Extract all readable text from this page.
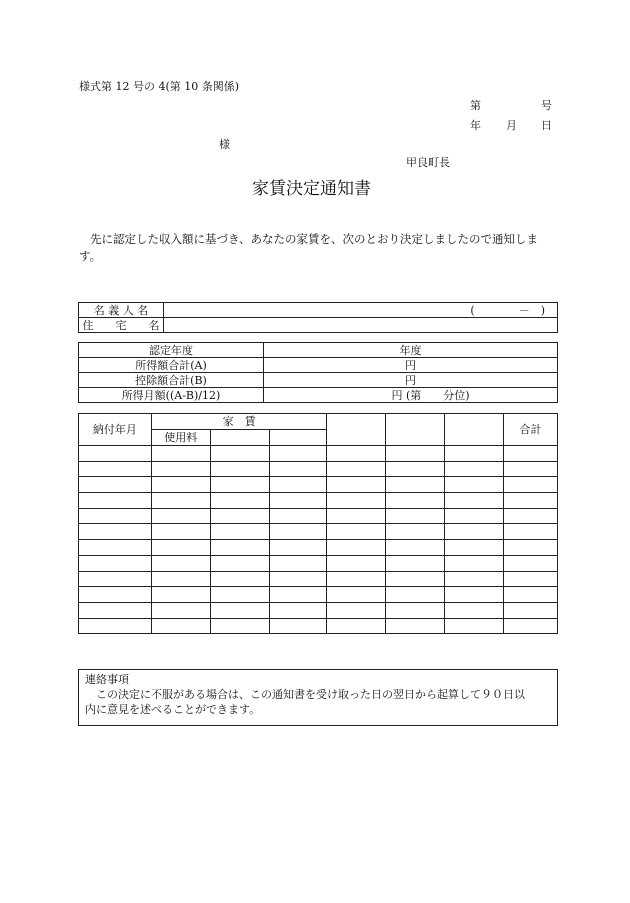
様式第 12 号の 4(第 10 条関係)
第	号
年 月 日
様
甲良町長
家賃決定通知書
先に認定した収入額に基づき、あなたの家賃を、次のとおり決定しましたので通知しま
す。
名 義 人 名	(　　　　－　)
住　　宅　　名	
認定年度	年度
所得額合計(A)	円
控除額合計(B)	円
所得月額((A-B)/12)	円 (第　　分位)
納付年月	家　賃						合計
	使用料						

連絡事項
　この決定に不服がある場合は、この通知書を受け取った日の翌日から起算して９０日以
内に意見を述べることができます。
